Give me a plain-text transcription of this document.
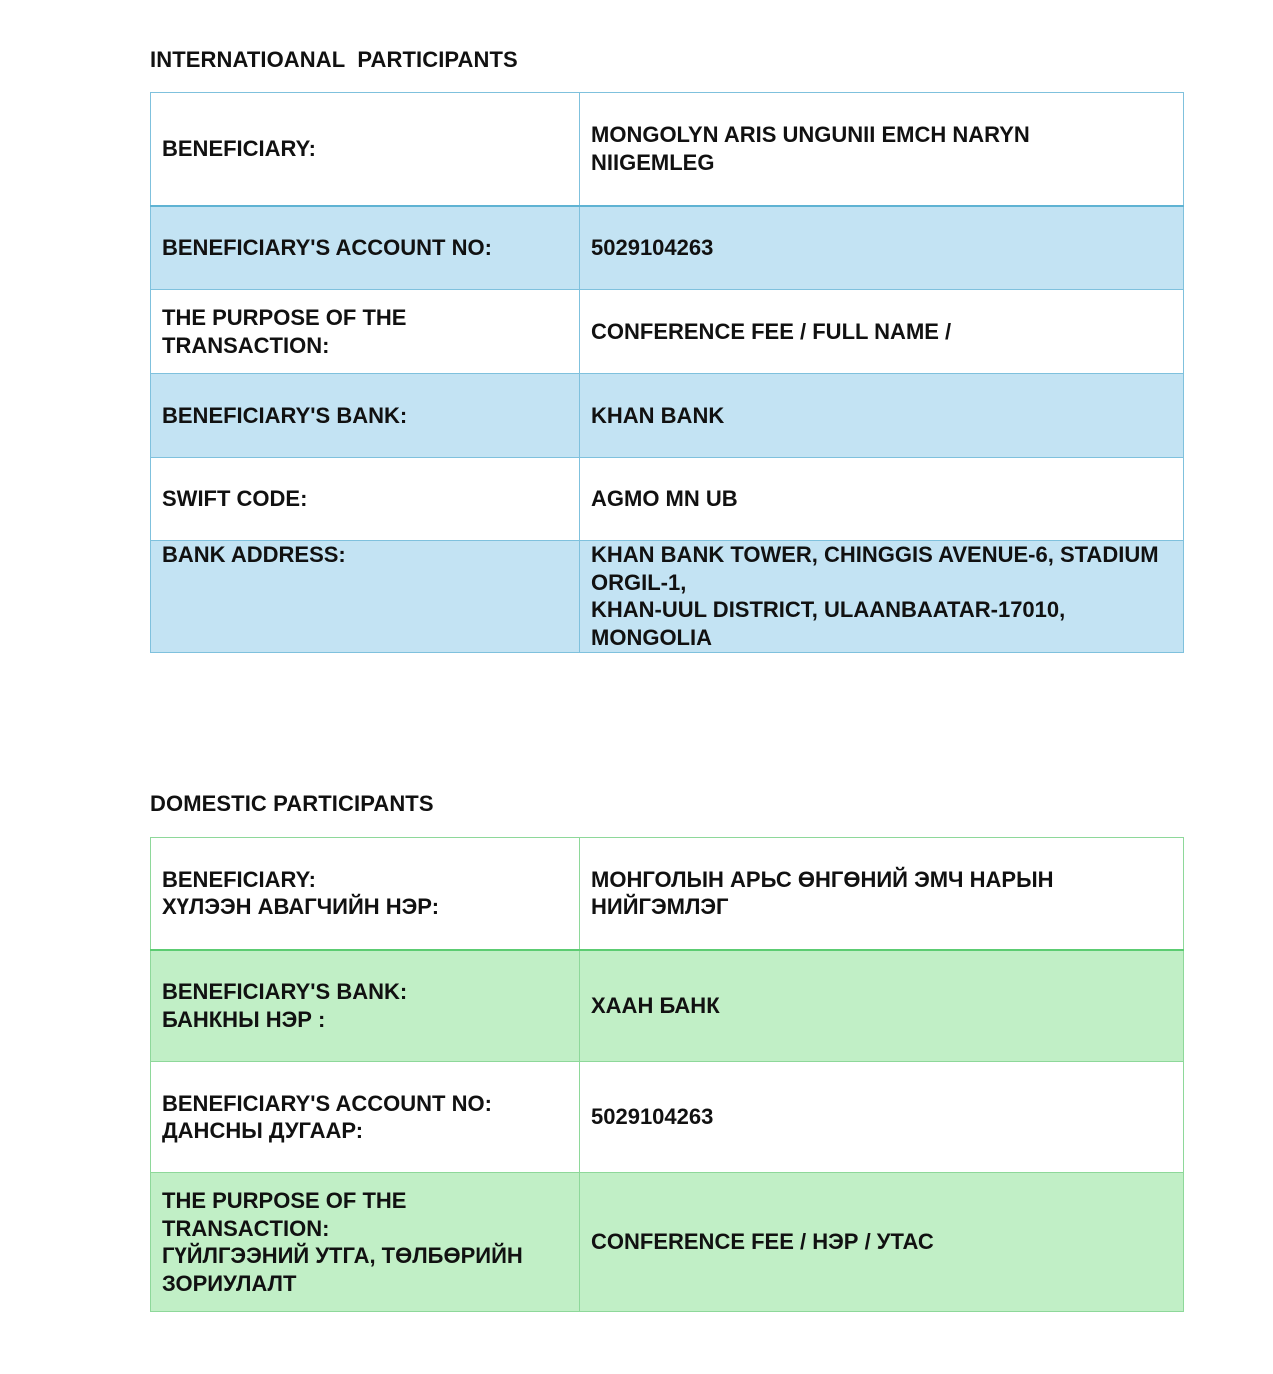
INTERNATIOANAL  PARTICIPANTS
BENEFICIARY:	MONGOLYN ARIS UNGUNII EMCH NARYN
NIIGEMLEG
BENEFICIARY'S ACCOUNT NO:	5029104263
THE PURPOSE OF THE TRANSACTION:	CONFERENCE FEE / FULL NAME /
BENEFICIARY'S BANK:	KHAN BANK
SWIFT CODE:	AGMO MN UB
BANK ADDRESS:	KHAN BANK TOWER, CHINGGIS AVENUE-6, STADIUM ORGIL-1,
KHAN-UUL DISTRICT, ULAANBAATAR-17010, MONGOLIA
DOMESTIC PARTICIPANTS
BENEFICIARY:
ХҮЛЭЭН АВАГЧИЙН НЭР:	МОНГОЛЫН АРЬС ӨНГӨНИЙ ЭМЧ НАРЫН
НИЙГЭМЛЭГ
BENEFICIARY'S BANK:
БАНКНЫ НЭР :	ХААН БАНК
BENEFICIARY'S ACCOUNT NO:
ДАНСНЫ ДУГААР:	5029104263
THE PURPOSE OF THE TRANSACTION:
ГҮЙЛГЭЭНИЙ УТГА, ТӨЛБӨРИЙН
ЗОРИУЛАЛТ	CONFERENCE FEE / НЭР / УТАС
